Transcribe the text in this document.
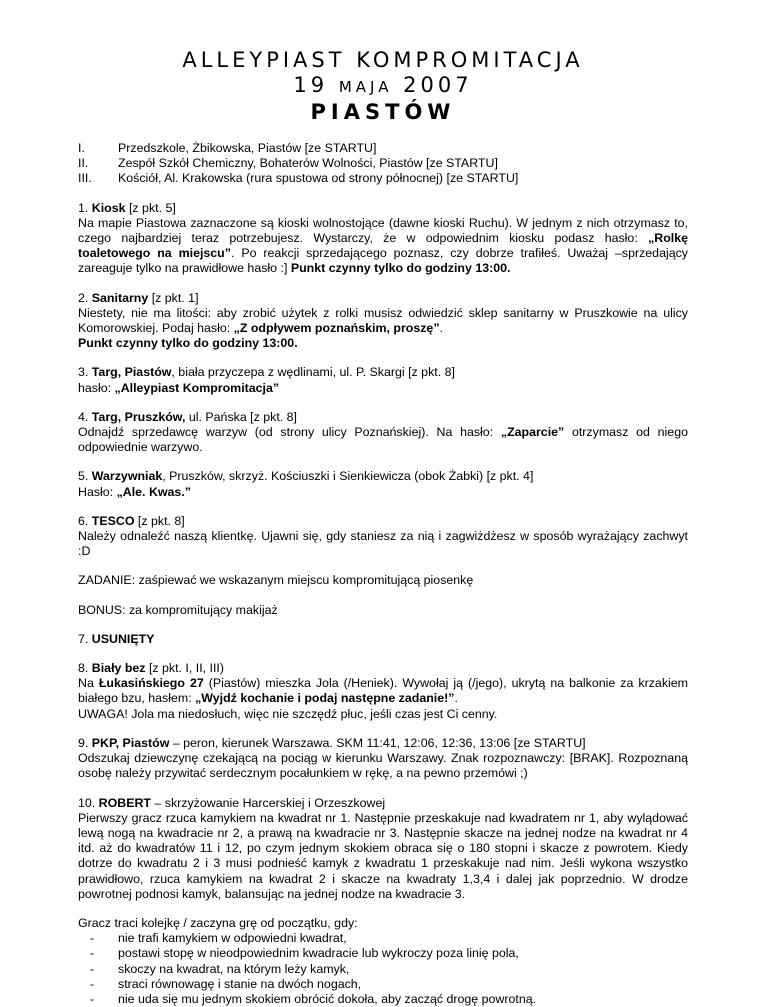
ALLEYPIAST KOMPROMITACJA
19 MAJA 2007
PIASTÓW
I.	Przedszkole, Żbikowska, Piastów [ze STARTU]
II.	Zespół Szkół Chemiczny, Bohaterów Wolności, Piastów [ze STARTU]
III.	Kościół, Al. Krakowska (rura spustowa od strony północnej) [ze STARTU]

1. Kiosk [z pkt. 5]

Na mapie Piastowa zaznaczone są kioski wolnostojące (dawne kioski Ruchu). W jednym z nich otrzymasz to, czego najbardziej teraz potrzebujesz. Wystarczy, że w odpowiednim kiosku podasz hasło: „Rolkę toaletowego na miejscu”. Po reakcji sprzedającego poznasz, czy dobrze trafiłeś. Uważaj –sprzedający zareaguje tylko na prawidłowe hasło :] Punkt czynny tylko do godziny 13:00.

2. Sanitarny [z pkt. 1]

Niestety, nie ma litości: aby zrobić użytek z rolki musisz odwiedzić sklep sanitarny w Pruszkowie na ulicy Komorowskiej. Podaj hasło: „Z odpływem poznańskim, proszę”.

Punkt czynny tylko do godziny 13:00.

3. Targ, Piastów, biała przyczepa z wędlinami, ul. P. Skargi [z pkt. 8]

hasło: „Alleypiast Kompromitacja”

4. Targ, Pruszków, ul. Pańska [z pkt. 8]

Odnajdź sprzedawcę warzyw (od strony ulicy Poznańskiej). Na hasło: „Zaparcie” otrzymasz od niego odpowiednie warzywo.

5. Warzywniak, Pruszków, skrzyż. Kościuszki i Sienkiewicza (obok Żabki) [z pkt. 4]

Hasło: „Ale. Kwas.”

6. TESCO [z pkt. 8]

Należy odnaleźć naszą klientkę. Ujawni się, gdy staniesz za nią i zagwiżdżesz w sposób wyrażający zachwyt :D

ZADANIE: zaśpiewać we wskazanym miejscu kompromitującą piosenkę

BONUS: za kompromitujący makijaż

7. USUNIĘTY

8. Biały bez [z pkt. I, II, III)

Na Łukasińskiego 27 (Piastów) mieszka Jola (/Heniek). Wywołaj ją (/jego), ukrytą na balkonie za krzakiem białego bzu, hasłem: „Wyjdź kochanie i podaj następne zadanie!”.

UWAGA! Jola ma niedosłuch, więc nie szczędź płuc, jeśli czas jest Ci cenny.

9. PKP, Piastów – peron, kierunek Warszawa. SKM 11:41, 12:06, 12:36, 13:06 [ze STARTU]

Odszukaj dziewczynę czekającą na pociąg w kierunku Warszawy. Znak rozpoznawczy: [BRAK]. Rozpoznaną osobę należy przywitać serdecznym pocałunkiem w rękę, a na pewno przemówi ;)

10. ROBERT – skrzyżowanie Harcerskiej i Orzeszkowej

Pierwszy gracz rzuca kamykiem na kwadrat nr 1. Następnie przeskakuje nad kwadratem nr 1, aby wylądować lewą nogą na kwadracie nr 2, a prawą na kwadracie nr 3. Następnie skacze na jednej nodze na kwadrat nr 4 itd. aż do kwadratów 11 i 12, po czym jednym skokiem obraca się o 180 stopni i skacze z powrotem. Kiedy dotrze do kwadratu 2 i 3 musi podnieść kamyk z kwadratu 1 przeskakuje nad nim. Jeśli wykona wszystko prawidłowo, rzuca kamykiem na kwadrat 2 i skacze na kwadraty 1,3,4 i dalej jak poprzednio. W drodze powrotnej podnosi kamyk, balansując na jednej nodze na kwadracie 3.

Gracz traci kolejkę / zaczyna grę od początku, gdy:

-	nie trafi kamykiem w odpowiedni kwadrat,
-	postawi stopę w nieodpowiednim kwadracie lub wykroczy poza linię pola,
-	skoczy na kwadrat, na którym leży kamyk,
-	straci równowagę i stanie na dwóch nogach,
-	nie uda się mu jednym skokiem obrócić dokoła, aby zacząć drogę powrotną.
